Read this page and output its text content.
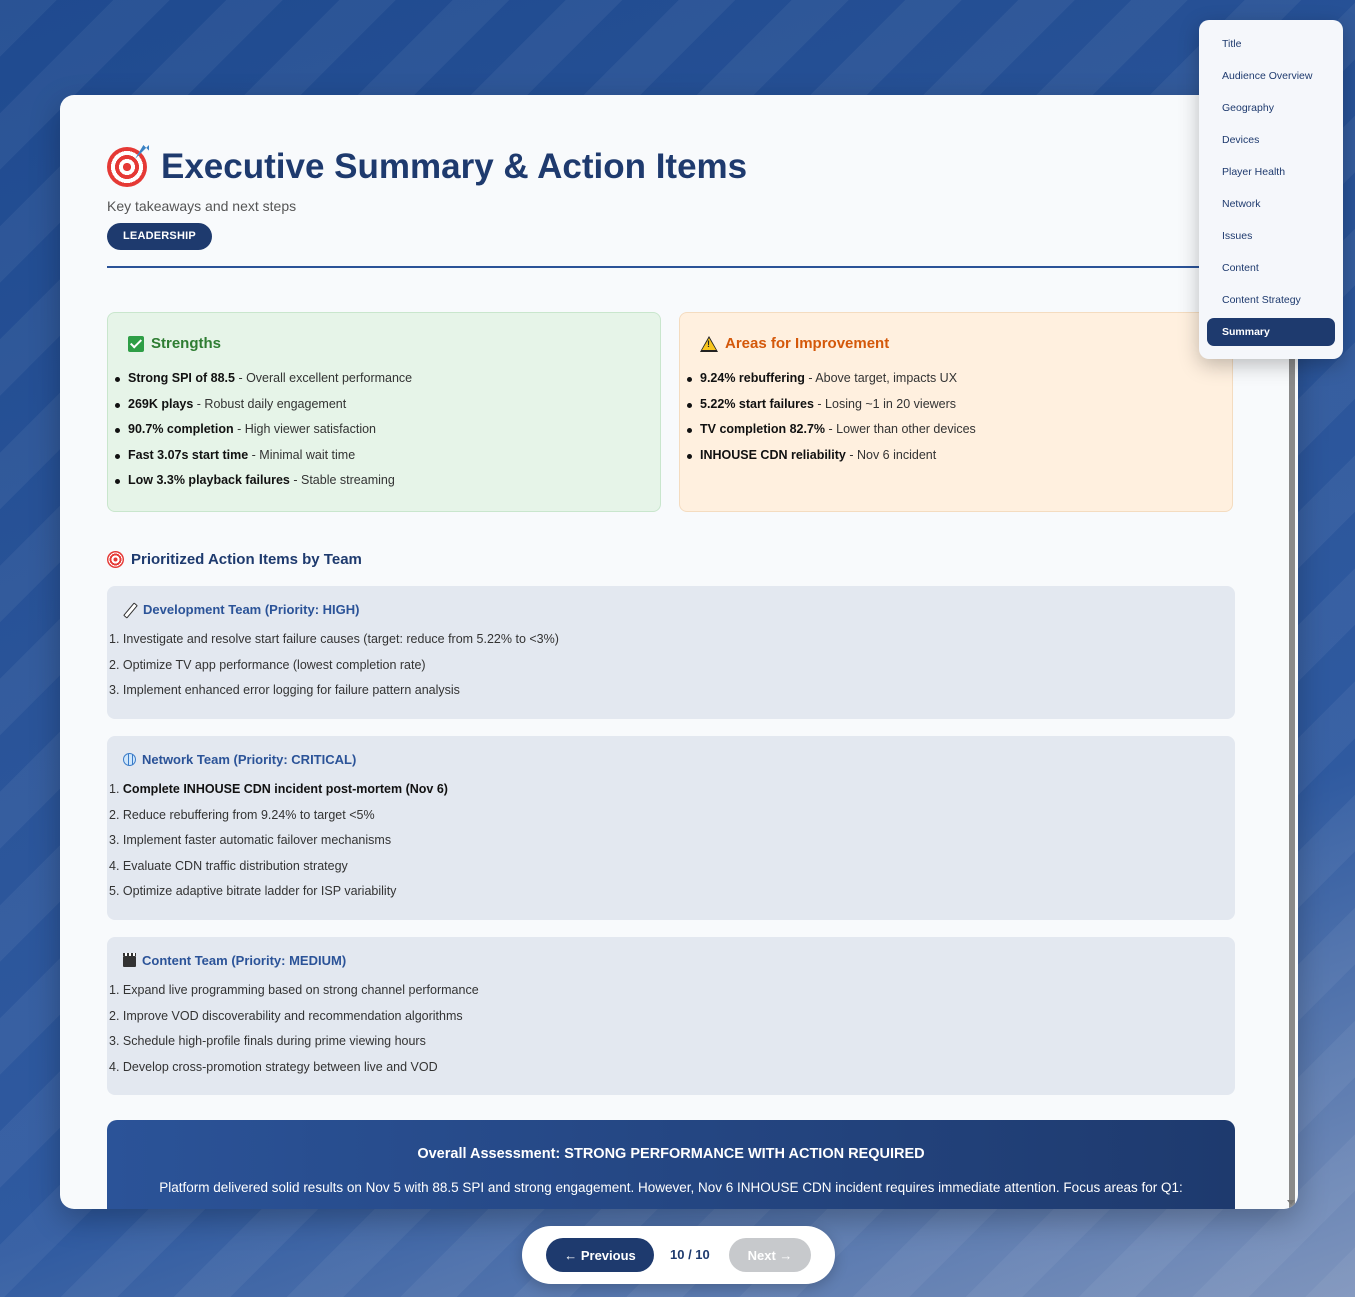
Executive Summary & Action Items
Key takeaways and next steps
LEADERSHIP
Strengths
Strong SPI of 88.5 - Overall excellent performance
269K plays - Robust daily engagement
90.7% completion - High viewer satisfaction
Fast 3.07s start time - Minimal wait time
Low 3.3% playback failures - Stable streaming
!
Areas for Improvement
9.24% rebuffering - Above target, impacts UX
5.22% start failures - Losing ~1 in 20 viewers
TV completion 82.7% - Lower than other devices
INHOUSE CDN reliability - Nov 6 incident
Prioritized Action Items by Team
Development Team (Priority: HIGH)
1. Investigate and resolve start failure causes (target: reduce from 5.22% to <3%)
2. Optimize TV app performance (lowest completion rate)
3. Implement enhanced error logging for failure pattern analysis
Network Team (Priority: CRITICAL)
1. Complete INHOUSE CDN incident post-mortem (Nov 6)
2. Reduce rebuffering from 9.24% to target <5%
3. Implement faster automatic failover mechanisms
4. Evaluate CDN traffic distribution strategy
5. Optimize adaptive bitrate ladder for ISP variability
Content Team (Priority: MEDIUM)
1. Expand live programming based on strong channel performance
2. Improve VOD discoverability and recommendation algorithms
3. Schedule high-profile finals during prime viewing hours
4. Develop cross-promotion strategy between live and VOD
Overall Assessment: STRONG PERFORMANCE WITH ACTION REQUIRED
Platform delivered solid results on Nov 5 with 88.5 SPI and strong engagement. However, Nov 6 INHOUSE CDN incident requires immediate attention. Focus areas for Q1:
Title
Audience Overview
Geography
Devices
Player Health
Network
Issues
Content
Content Strategy
Summary
← Previous	10 / 10	Next →
